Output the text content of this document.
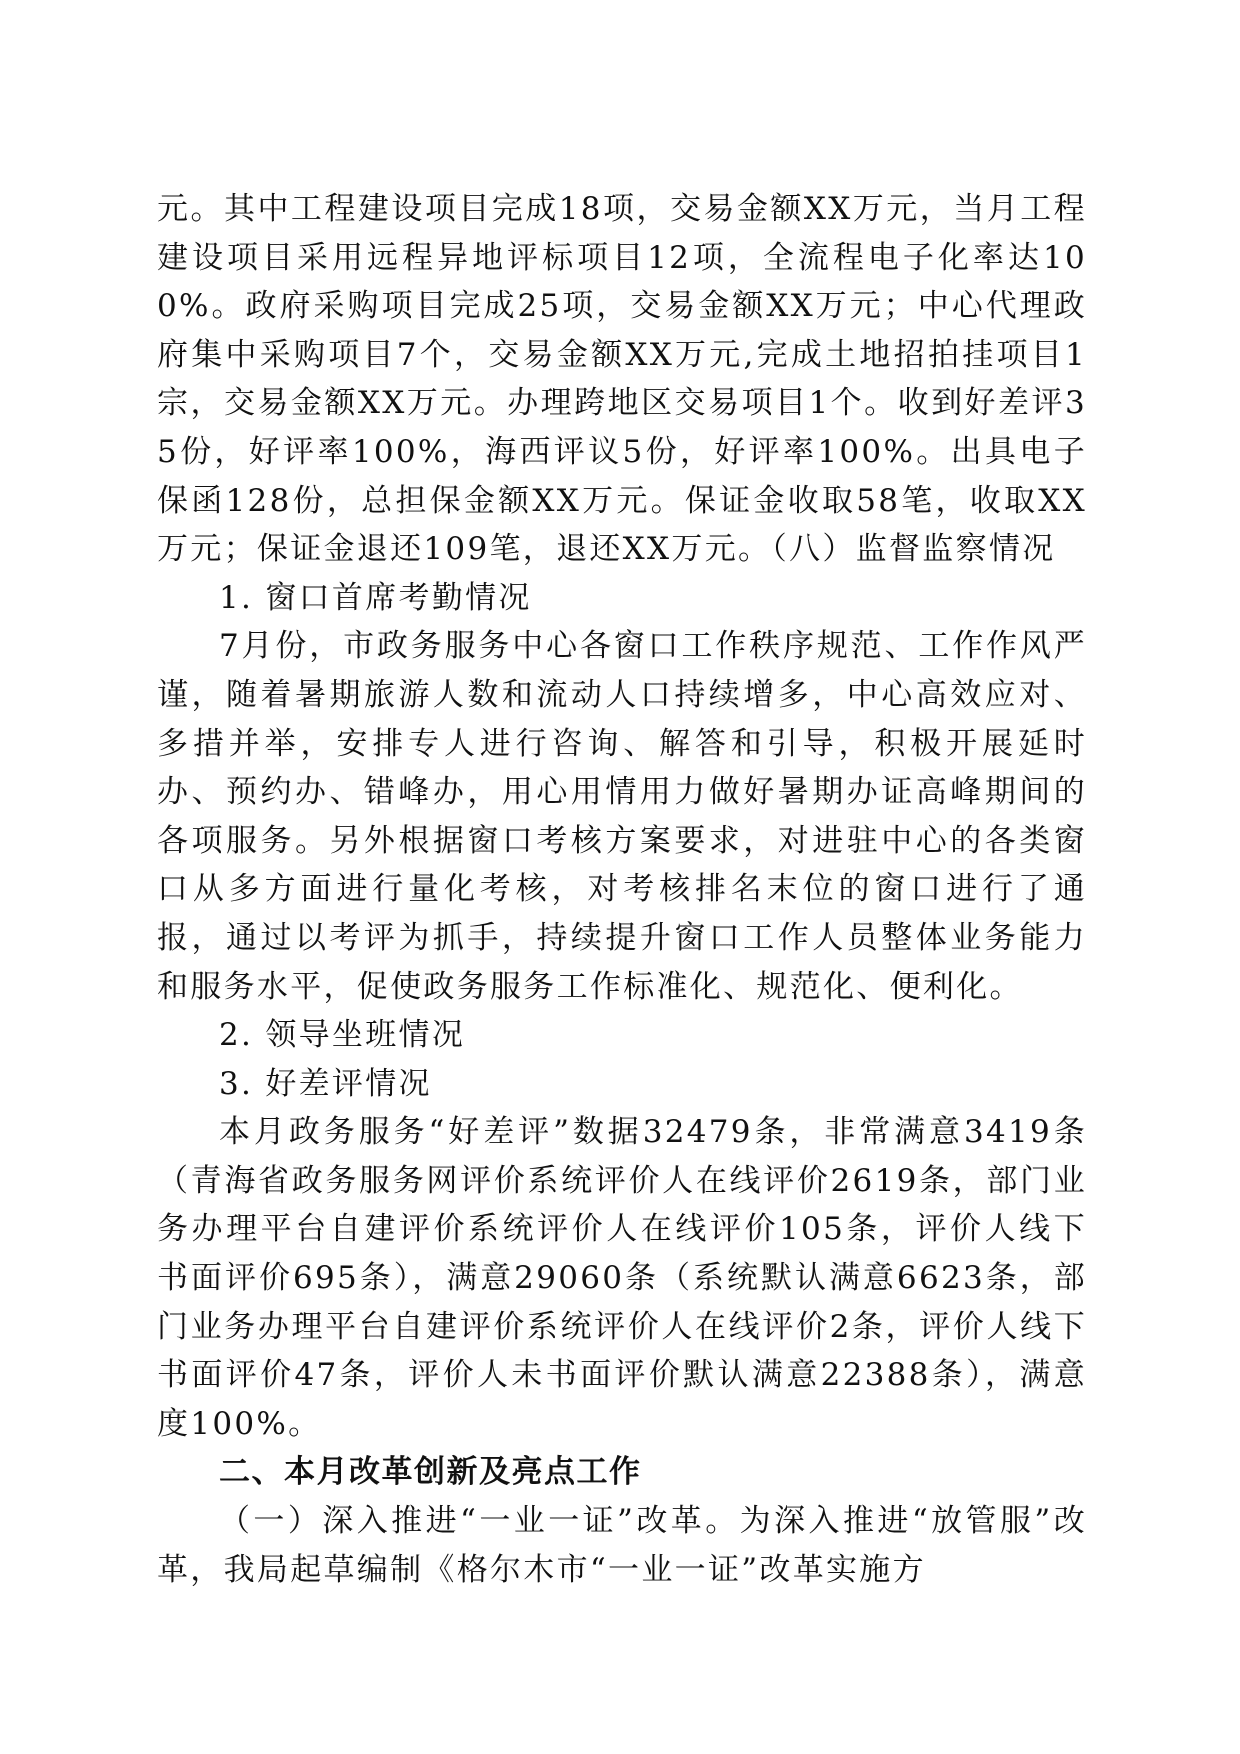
元。其中工程建设项目完成18项，交易金额XX万元，当月工程建设项目采用远程异地评标项目12项，全流程电子化率达100%。政府采购项目完成25项，交易金额XX万元；中心代理政府集中采购项目7个，交易金额XX万元,完成土地招拍挂项目1宗，交易金额XX万元。办理跨地区交易项目1个。收到好差评35份，好评率100%，海西评议5份，好评率100%。出具电子保函128份，总担保金额XX万元。保证金收取58笔，收取XX万元；保证金退还109笔，退还XX万元。（八）监督监察情况

1. 窗口首席考勤情况

7月份，市政务服务中心各窗口工作秩序规范、工作作风严谨，随着暑期旅游人数和流动人口持续增多，中心高效应对、多措并举，安排专人进行咨询、解答和引导，积极开展延时办、预约办、错峰办，用心用情用力做好暑期办证高峰期间的各项服务。另外根据窗口考核方案要求，对进驻中心的各类窗口从多方面进行量化考核，对考核排名末位的窗口进行了通报，通过以考评为抓手，持续提升窗口工作人员整体业务能力和服务水平，促使政务服务工作标准化、规范化、便利化。

2. 领导坐班情况

3. 好差评情况

本月政务服务“好差评”数据32479条，非常满意3419条（青海省政务服务网评价系统评价人在线评价2619条，部门业务办理平台自建评价系统评价人在线评价105条，评价人线下书面评价695条），满意29060条（系统默认满意6623条，部门业务办理平台自建评价系统评价人在线评价2条，评价人线下书面评价47条，评价人未书面评价默认满意22388条），满意度100%。

二、本月改革创新及亮点工作

（一）深入推进“一业一证”改革。为深入推进“放管服”改革，我局起草编制《格尔木市“一业一证”改革实施方
